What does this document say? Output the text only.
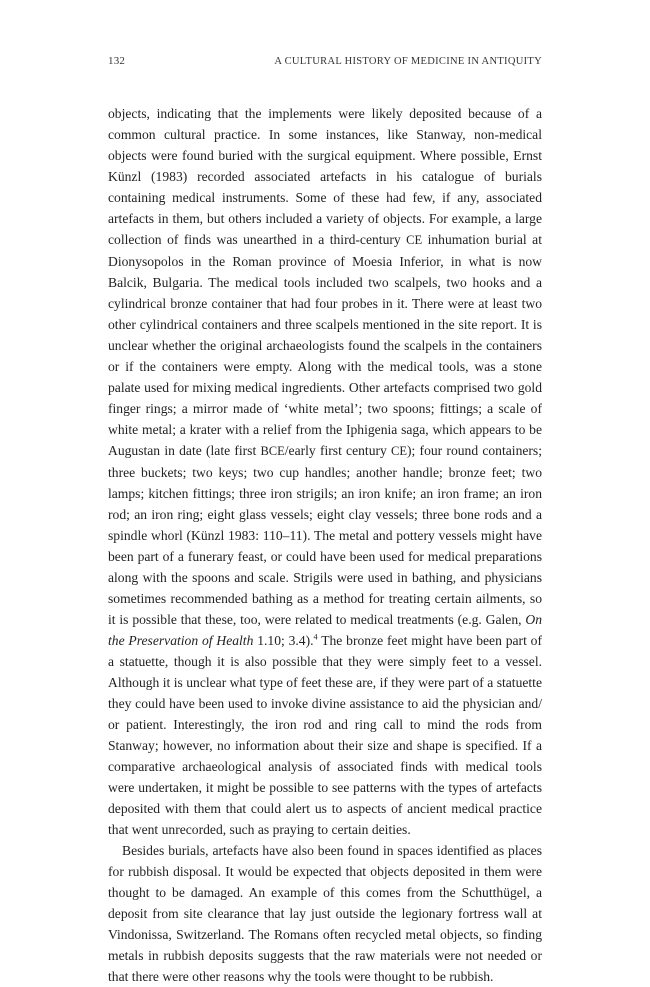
132	A CULTURAL HISTORY OF MEDICINE IN ANTIQUITY

objects, indicating that the implements were likely deposited because of a common cultural practice. In some instances, like Stanway, non-medical objects were found buried with the surgical equipment. Where possible, Ernst Künzl (1983) recorded associated artefacts in his catalogue of burials containing medical instruments. Some of these had few, if any, associated artefacts in them, but others included a variety of objects. For example, a large collection of finds was unearthed in a third-century CE inhumation burial at Dionysopolos in the Roman province of Moesia Inferior, in what is now Balcik, Bulgaria. The medical tools included two scalpels, two hooks and a cylindrical bronze container that had four probes in it. There were at least two other cylindrical containers and three scalpels mentioned in the site report. It is unclear whether the original archaeologists found the scalpels in the containers or if the containers were empty. Along with the medical tools, was a stone palate used for mixing medical ingredients. Other artefacts comprised two gold finger rings; a mirror made of ‘white metal’; two spoons; fittings; a scale of white metal; a krater with a relief from the Iphigenia saga, which appears to be Augustan in date (late first BCE/early first century CE); four round containers; three buckets; two keys; two cup handles; another handle; bronze feet; two lamps; kitchen fittings; three iron strigils; an iron knife; an iron frame; an iron rod; an iron ring; eight glass vessels; eight clay vessels; three bone rods and a spindle whorl (Künzl 1983: 110–11). The metal and pottery vessels might have been part of a funerary feast, or could have been used for medical preparations along with the spoons and scale. Strigils were used in bathing, and physicians sometimes recommended bathing as a method for treating certain ailments, so it is possible that these, too, were related to medical treatments (e.g. Galen, On the Preservation of Health 1.10; 3.4).$^4$ The bronze feet might have been part of a statuette, though it is also possible that they were simply feet to a vessel. Although it is unclear what type of feet these are, if they were part of a statuette they could have been used to invoke divine assistance to aid the physician and/ or patient. Interestingly, the iron rod and ring call to mind the rods from Stanway; however, no information about their size and shape is specified. If a comparative archaeological analysis of associated finds with medical tools were undertaken, it might be possible to see patterns with the types of artefacts deposited with them that could alert us to aspects of ancient medical practice that went unrecorded, such as praying to certain deities.

Besides burials, artefacts have also been found in spaces identified as places for rubbish disposal. It would be expected that objects deposited in them were thought to be damaged. An example of this comes from the Schutthügel, a deposit from site clearance that lay just outside the legionary fortress wall at Vindonissa, Switzerland. The Romans often recycled metal objects, so finding metals in rubbish deposits suggests that the raw materials were not needed or that there were other reasons why the tools were thought to be rubbish.
